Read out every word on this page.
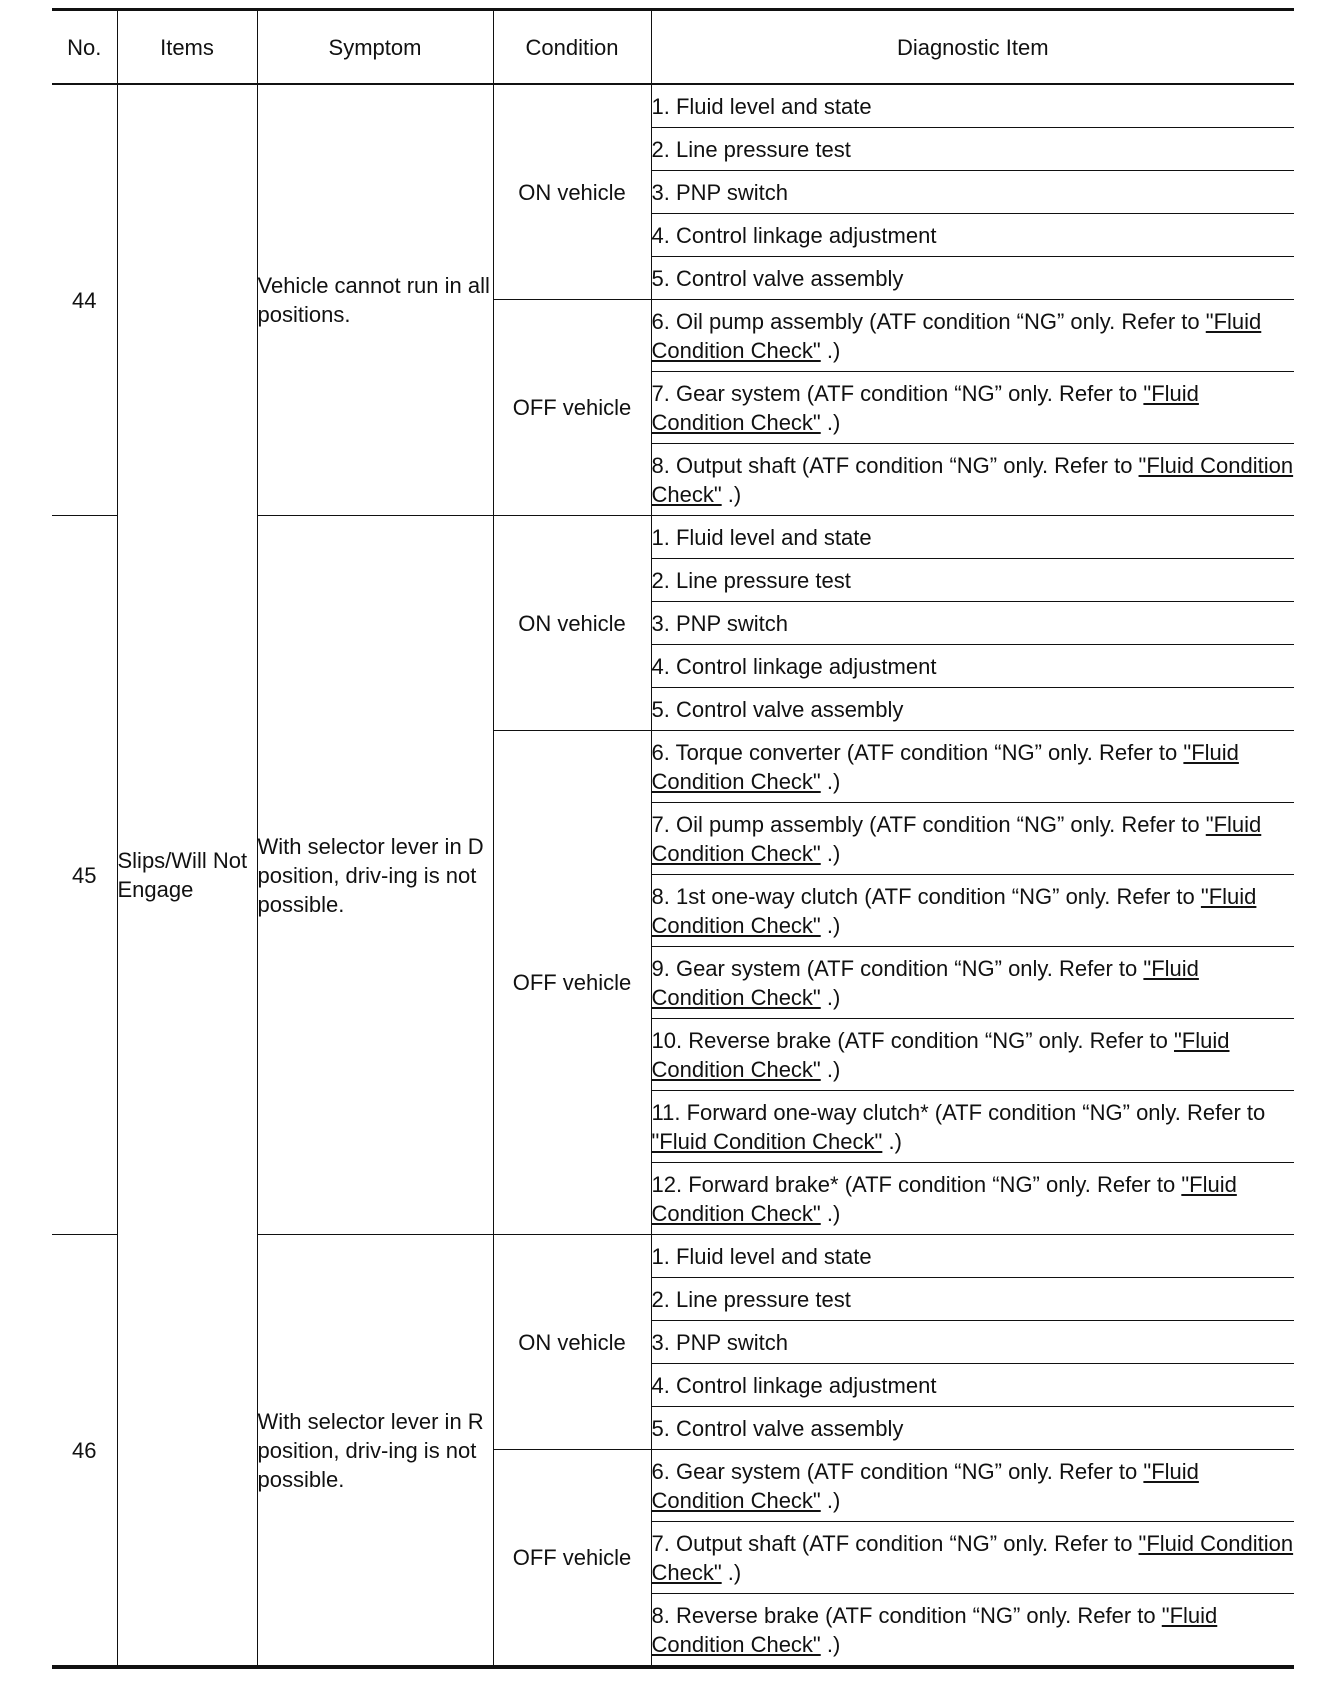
No.	Items	Symptom	Condition	Diagnostic Item
44	Slips/Will Not Engage	Vehicle cannot run in all positions.	ON vehicle	1. Fluid level and state
				2. Line pressure test
				3. PNP switch
				4. Control linkage adjustment
				5. Control valve assembly
			OFF vehicle	6. Oil pump assembly (ATF condition “NG” only. Refer to "Fluid Condition Check" .)
				7. Gear system (ATF condition “NG” only. Refer to "Fluid Condition Check" .)
				8. Output shaft (ATF condition “NG” only. Refer to "Fluid Condition Check" .)
45		With selector lever in D position, driv-ing is not possible.	ON vehicle	1. Fluid level and state
				2. Line pressure test
				3. PNP switch
				4. Control linkage adjustment
				5. Control valve assembly
			OFF vehicle	6. Torque converter (ATF condition “NG” only. Refer to "Fluid Condition Check" .)
				7. Oil pump assembly (ATF condition “NG” only. Refer to "Fluid Condition Check" .)
				8. 1st one-way clutch (ATF condition “NG” only. Refer to "Fluid Condition Check" .)
				9. Gear system (ATF condition “NG” only. Refer to "Fluid Condition Check" .)
				10. Reverse brake (ATF condition “NG” only. Refer to "Fluid Condition Check" .)
				11. Forward one-way clutch* (ATF condition “NG” only. Refer to "Fluid Condition Check" .)
				12. Forward brake* (ATF condition “NG” only. Refer to "Fluid Condition Check" .)
46		With selector lever in R position, driv-ing is not possible.	ON vehicle	1. Fluid level and state
				2. Line pressure test
				3. PNP switch
				4. Control linkage adjustment
				5. Control valve assembly
			OFF vehicle	6. Gear system (ATF condition “NG” only. Refer to "Fluid Condition Check" .)
				7. Output shaft (ATF condition “NG” only. Refer to "Fluid Condition Check" .)
				8. Reverse brake (ATF condition “NG” only. Refer to "Fluid Condition Check" .)
